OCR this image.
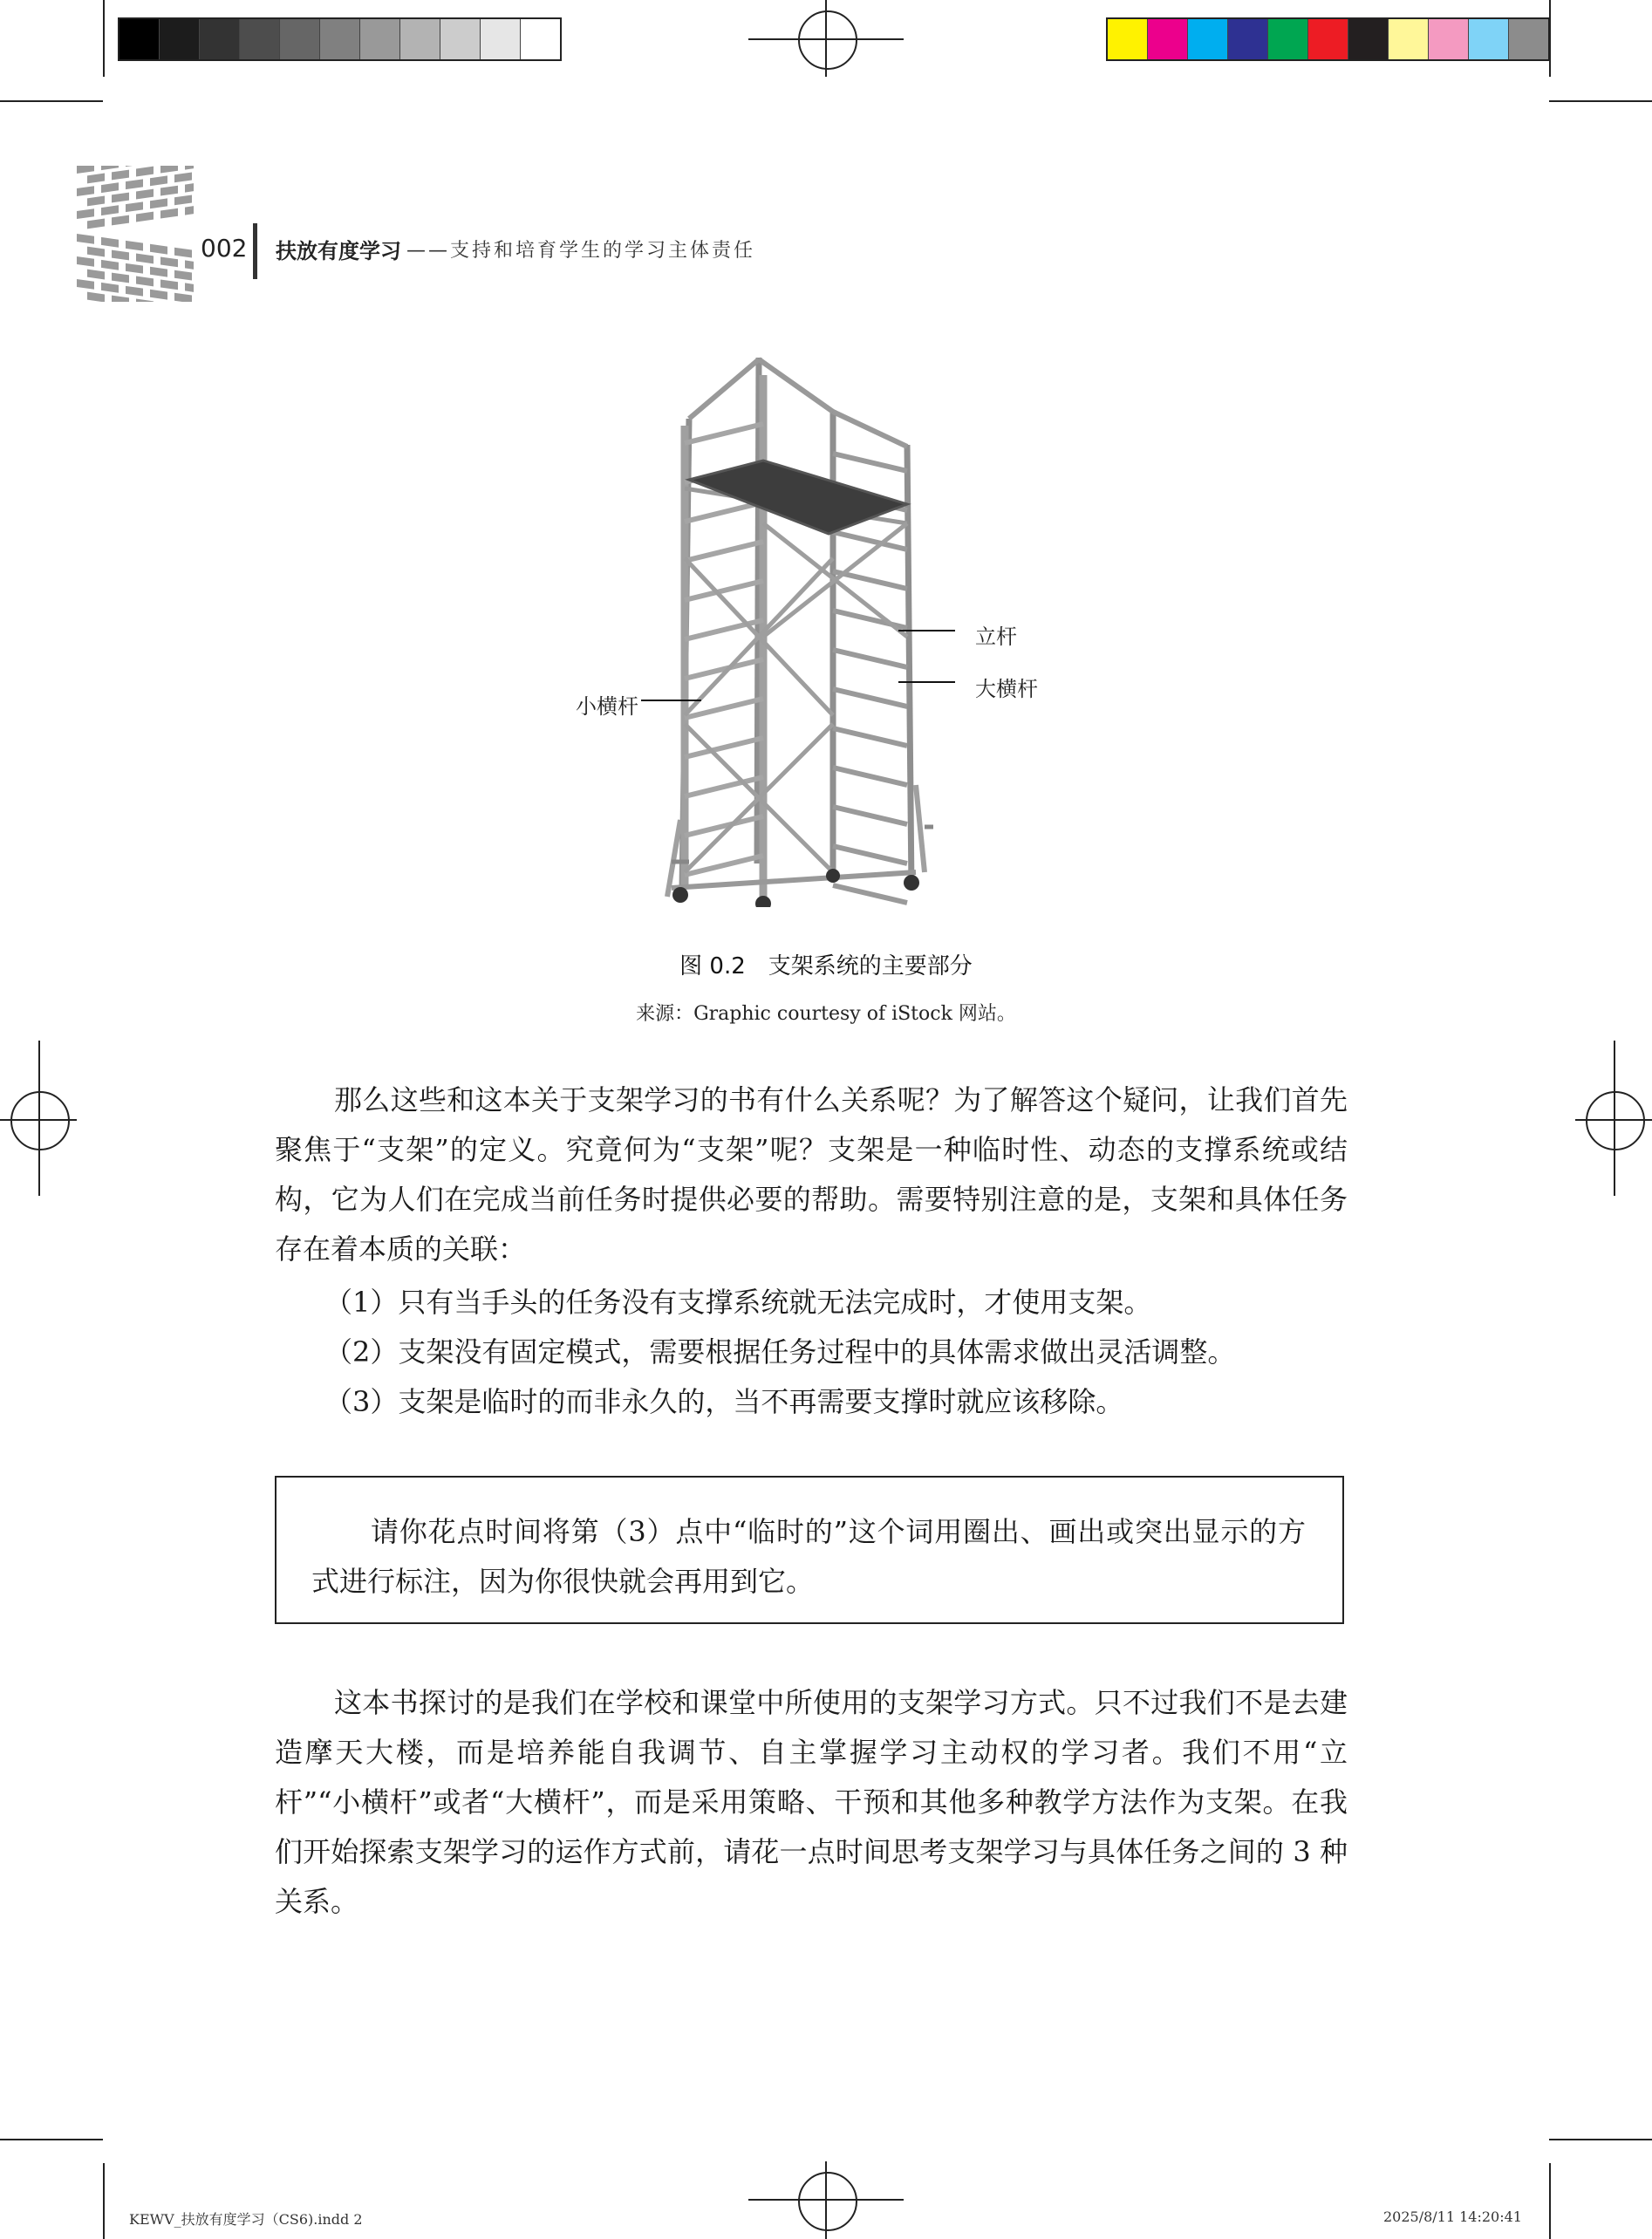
002 扶放有度学习 ——支持和培育学生的学习主体责任
立杆
大横杆
小横杆
图 0.2 支架系统的主要部分
来源：Graphic courtesy of iStock 网站。
那么这些和这本关于支架学习的书有什么关系呢？为了解答这个疑问，让我们首先聚焦于“支架”的定义。究竟何为“支架”呢？支架是一种临时性、动态的支撑系统或结构，它为人们在完成当前任务时提供必要的帮助。需要特别注意的是，支架和具体任务存在着本质的关联：
（1）只有当手头的任务没有支撑系统就无法完成时，才使用支架。
（2）支架没有固定模式，需要根据任务过程中的具体需求做出灵活调整。
（3）支架是临时的而非永久的，当不再需要支撑时就应该移除。
请你花点时间将第（3）点中“临时的”这个词用圈出、画出或突出显示的方式进行标注，因为你很快就会再用到它。
这本书探讨的是我们在学校和课堂中所使用的支架学习方式。只不过我们不是去建造摩天大楼，而是培养能自我调节、自主掌握学习主动权的学习者。我们不用“立杆”“小横杆”或者“大横杆”，而是采用策略、干预和其他多种教学方法作为支架。在我们开始探索支架学习的运作方式前，请花一点时间思考支架学习与具体任务之间的 3 种关系。
KEWV_扶放有度学习（CS6).indd 2	2025/8/11 14:20:41
